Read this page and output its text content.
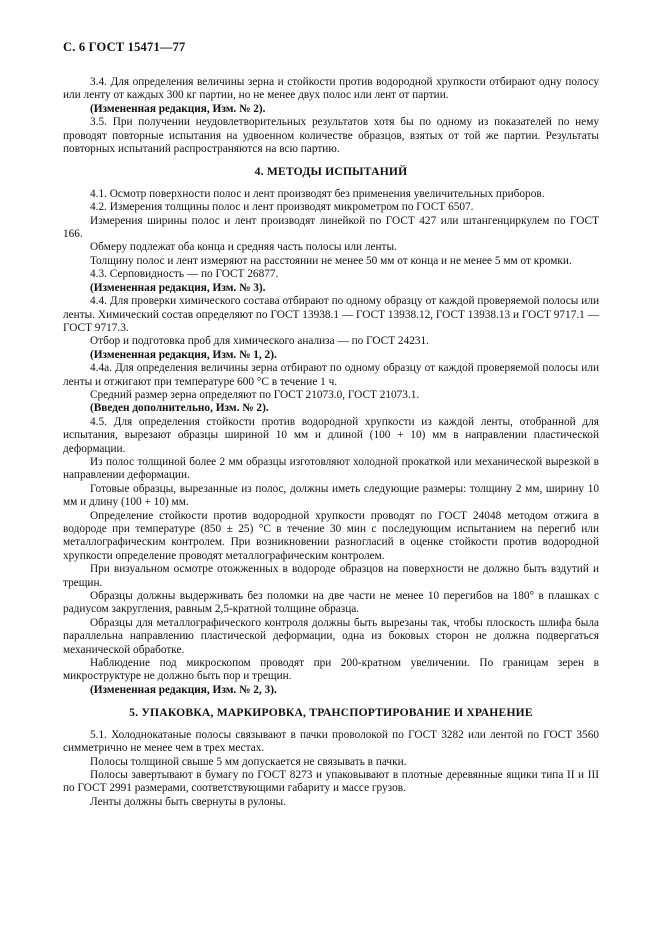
С. 6 ГОСТ 15471—77

3.4. Для определения величины зерна и стойкости против водородной хрупкости отбирают одну полосу или ленту от каждых 300 кг партии, но не менее двух полос или лент от партии.

(Измененная редакция, Изм. № 2).

3.5. При получении неудовлетворительных результатов хотя бы по одному из показателей по нему проводят повторные испытания на удвоенном количестве образцов, взятых от той же партии. Результаты повторных испытаний распространяются на всю партию.

4. МЕТОДЫ ИСПЫТАНИЙ

4.1. Осмотр поверхности полос и лент производят без применения увеличительных приборов.

4.2. Измерения толщины полос и лент производят микрометром по ГОСТ 6507.

Измерения ширины полос и лент производят линейкой по ГОСТ 427 или штангенциркулем по ГОСТ 166.

Обмеру подлежат оба конца и средняя часть полосы или ленты.

Толщину полос и лент измеряют на расстоянии не менее 50 мм от конца и не менее 5 мм от кромки.

4.3. Серповидность — по ГОСТ 26877.

(Измененная редакция, Изм. № 3).

4.4. Для проверки химического состава отбирают по одному образцу от каждой проверяемой полосы или ленты. Химический состав определяют по ГОСТ 13938.1 — ГОСТ 13938.12, ГОСТ 13938.13 и ГОСТ 9717.1 — ГОСТ 9717.3.

Отбор и подготовка проб для химического анализа — по ГОСТ 24231.

(Измененная редакция, Изм. № 1, 2).

4.4а. Для определения величины зерна отбирают по одному образцу от каждой проверяемой полосы или ленты и отжигают при температуре 600 °С в течение 1 ч.

Средний размер зерна определяют по ГОСТ 21073.0, ГОСТ 21073.1.

(Введен дополнительно, Изм. № 2).

4.5. Для определения стойкости против водородной хрупкости из каждой ленты, отобранной для испытания, вырезают образцы шириной 10 мм и длиной (100 + 10) мм в направлении пластической деформации.

Из полос толщиной более 2 мм образцы изготовляют холодной прокаткой или механической вырезкой в направлении деформации.

Готовые образцы, вырезанные из полос, должны иметь следующие размеры: толщину 2 мм, ширину 10 мм и длину (100 + 10) мм.

Определение стойкости против водородной хрупкости проводят по ГОСТ 24048 методом отжига в водороде при температуре (850 ± 25) °С в течение 30 мин с последующим испытанием на перегиб или металлографическим контролем. При возникновении разногласий в оценке стойкости против водородной хрупкости определение проводят металлографическим контролем.

При визуальном осмотре отожженных в водороде образцов на поверхности не должно быть вздутий и трещин.

Образцы должны выдерживать без поломки на две части не менее 10 перегибов на 180° в плашках с радиусом закругления, равным 2,5-кратной толщине образца.

Образцы для металлографического контроля должны быть вырезаны так, чтобы плоскость шлифа была параллельна направлению пластической деформации, одна из боковых сторон не должна подвергаться механической обработке.

Наблюдение под микроскопом проводят при 200-кратном увеличении. По границам зерен в микроструктуре не должно быть пор и трещин.

(Измененная редакция, Изм. № 2, 3).

5. УПАКОВКА, МАРКИРОВКА, ТРАНСПОРТИРОВАНИЕ И ХРАНЕНИЕ

5.1. Холоднокатаные полосы связывают в пачки проволокой по ГОСТ 3282 или лентой по ГОСТ 3560 симметрично не менее чем в трех местах.

Полосы толщиной свыше 5 мм допускается не связывать в пачки.

Полосы завертывают в бумагу по ГОСТ 8273 и упаковывают в плотные деревянные ящики типа II и III по ГОСТ 2991 размерами, соответствующими габариту и массе грузов.

Ленты должны быть свернуты в рулоны.
